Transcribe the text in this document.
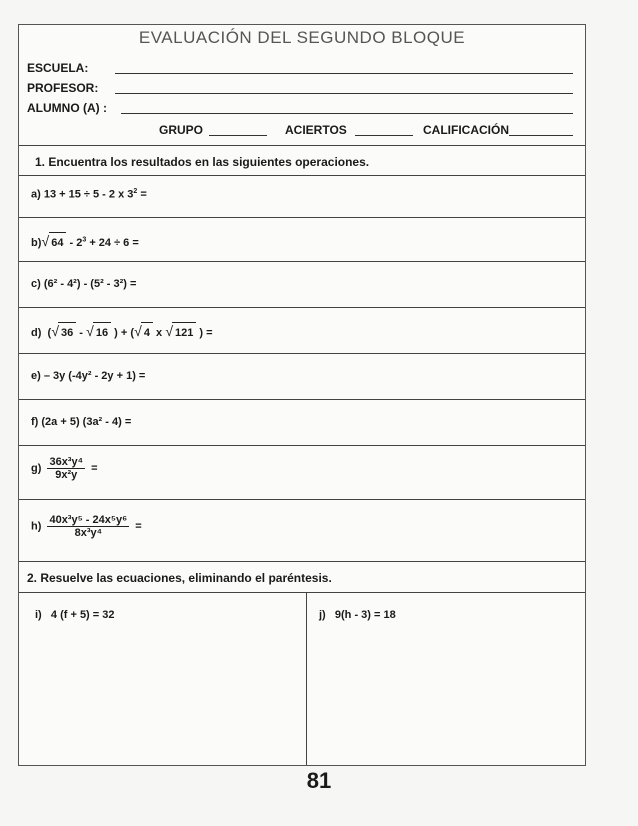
EVALUACIÓN DEL SEGUNDO BLOQUE
ESCUELA:
PROFESOR:
ALUMNO (A) :
GRUPO	ACIERTOS	CALIFICACIÓN
1. Encuentra los resultados en las siguientes operaciones.
a) 13 + 15 ÷ 5 - 2 x $3^2$ =
b) √ $64 - 2^3 + 24 \div 6$ =
c) (6² - 4²) - (5² - 3²) =
d) ( √ 36 -   √ 16 ) + ( √ 4 x   √ 121 ) =
e) – 3y (-4y² - 2y + 1) =
f) (2a + 5) (3a² - 4) =
$g) \frac{\text{36x³y⁴}}{\text{9x²y}}$ =
$h) \frac{\text{40x³y⁵ - 24x⁵y⁶}}{\text{8x³y⁴}}$ =
2. Resuelve las ecuaciones, eliminando el paréntesis.
i) 4 (f + 5) = 32	j) 9(h - 3) = 18
81
